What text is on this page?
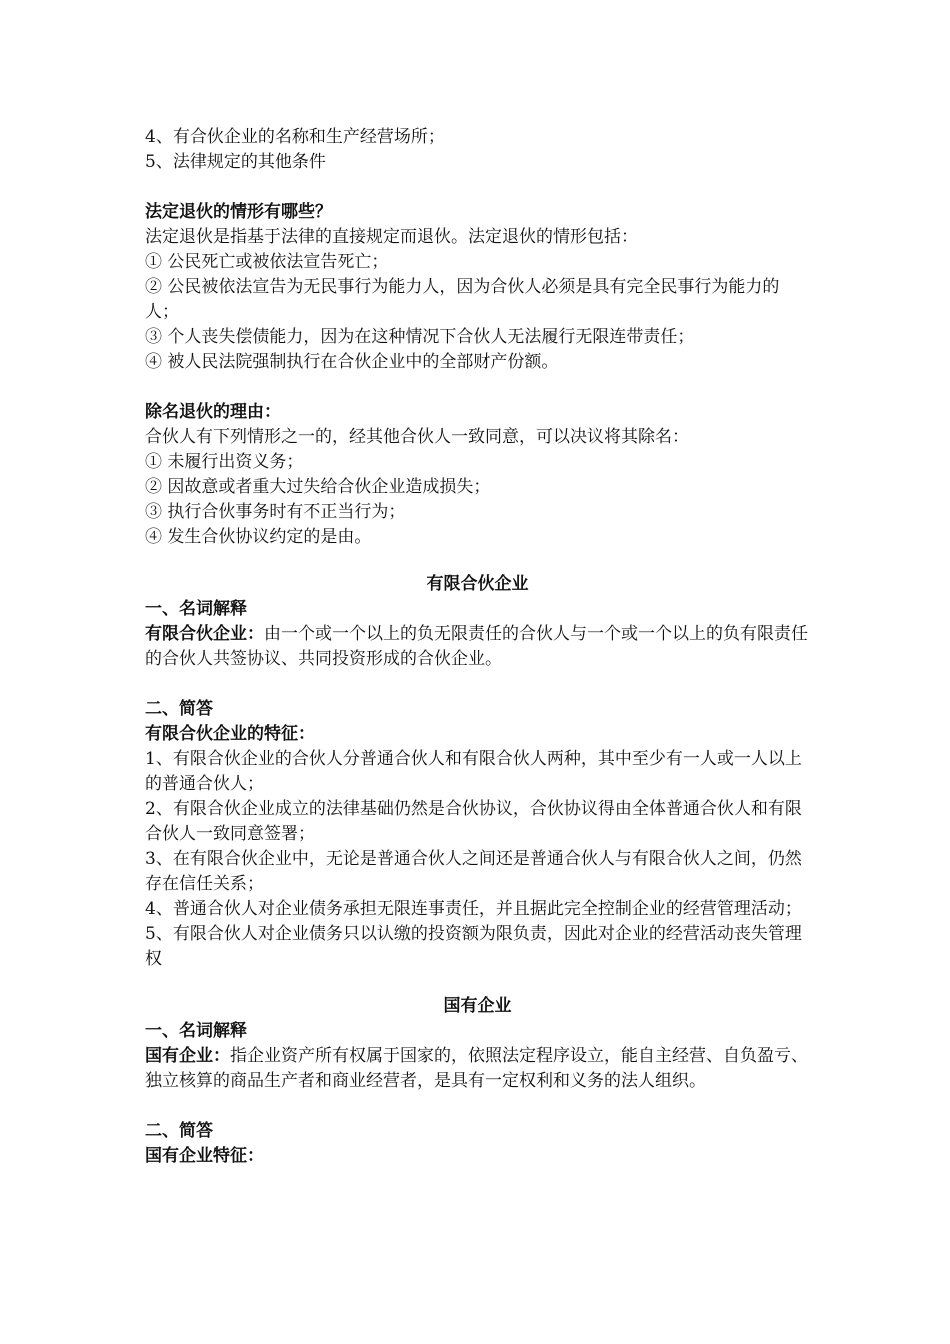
4、有合伙企业的名称和生产经营场所；

5、法律规定的其他条件

法定退伙的情形有哪些？

法定退伙是指基于法律的直接规定而退伙。法定退伙的情形包括：

① 公民死亡或被依法宣告死亡；

② 公民被依法宣告为无民事行为能力人，因为合伙人必须是具有完全民事行为能力的人；

③ 个人丧失偿债能力，因为在这种情况下合伙人无法履行无限连带责任；

④ 被人民法院强制执行在合伙企业中的全部财产份额。

除名退伙的理由：

合伙人有下列情形之一的，经其他合伙人一致同意，可以决议将其除名：

① 未履行出资义务；

② 因故意或者重大过失给合伙企业造成损失；

③ 执行合伙事务时有不正当行为；

④ 发生合伙协议约定的是由。

有限合伙企业

一、名词解释

有限合伙企业：由一个或一个以上的负无限责任的合伙人与一个或一个以上的负有限责任的合伙人共签协议、共同投资形成的合伙企业。

二、简答

有限合伙企业的特征：

1、有限合伙企业的合伙人分普通合伙人和有限合伙人两种，其中至少有一人或一人以上的普通合伙人；

2、有限合伙企业成立的法律基础仍然是合伙协议，合伙协议得由全体普通合伙人和有限合伙人一致同意签署；

3、在有限合伙企业中，无论是普通合伙人之间还是普通合伙人与有限合伙人之间，仍然存在信任关系；

4、普通合伙人对企业债务承担无限连事责任，并且据此完全控制企业的经营管理活动；

5、有限合伙人对企业债务只以认缴的投资额为限负责，因此对企业的经营活动丧失管理权

国有企业

一、名词解释

国有企业：指企业资产所有权属于国家的，依照法定程序设立，能自主经营、自负盈亏、独立核算的商品生产者和商业经营者，是具有一定权利和义务的法人组织。

二、简答

国有企业特征：
